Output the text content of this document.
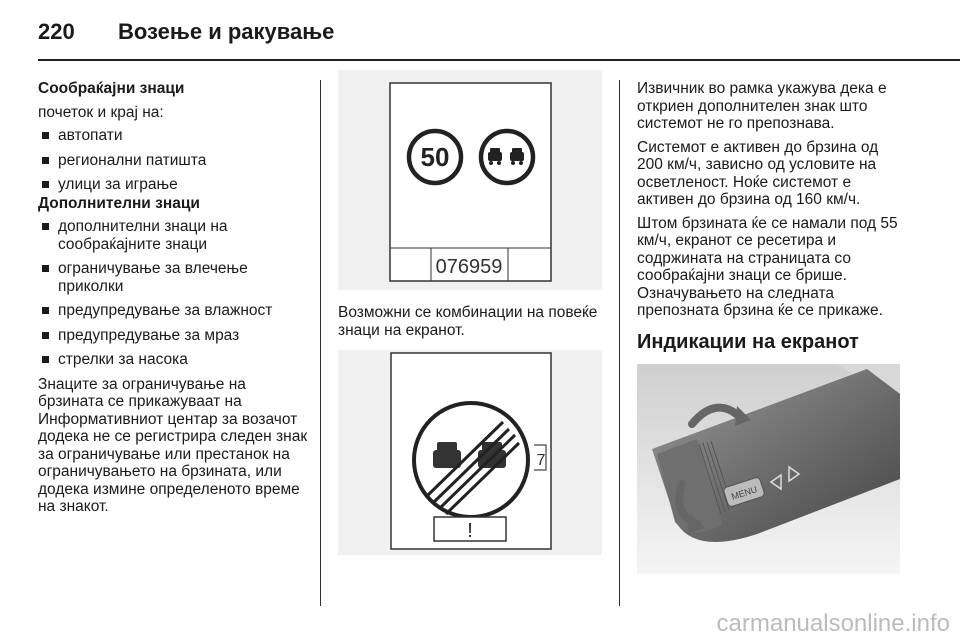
220	Возење и ракување

Сообраќајни знаци

почеток и крај на:

автопати
регионални патишта
улици за играње

Дополнителни знаци

дополнителни знаци на сообраќајните знаци
ограничување за влечење приколки
предупредување за влажност
предупредување за мраз
стрелки за насока

Знаците за ограничување на брзината се прикажуваат на Информативниот центар за возачот додека не се регистрира следен знак за ограничување или престанок на ограничувањето на брзината, или додека измине определеното време на знакот.

50
076959

Возможни се комбинации на повеќе знаци на екранот.

7
!

Извичник во рамка укажува дека е откриен дополнителен знак што системот не го препознава.

Системот е активен до брзина од 200 км/ч, зависно од условите на осветленост. Ноќе системот е активен до брзина од 160 км/ч.

Штом брзината ќе се намали под 55 км/ч, екранот се ресетира и содржината на страницата со сообраќајни знаци се брише. Означувањето на следната препозната брзина ќе се прикаже.

Индикации на екранот

MENU
carmanualsonline.info
